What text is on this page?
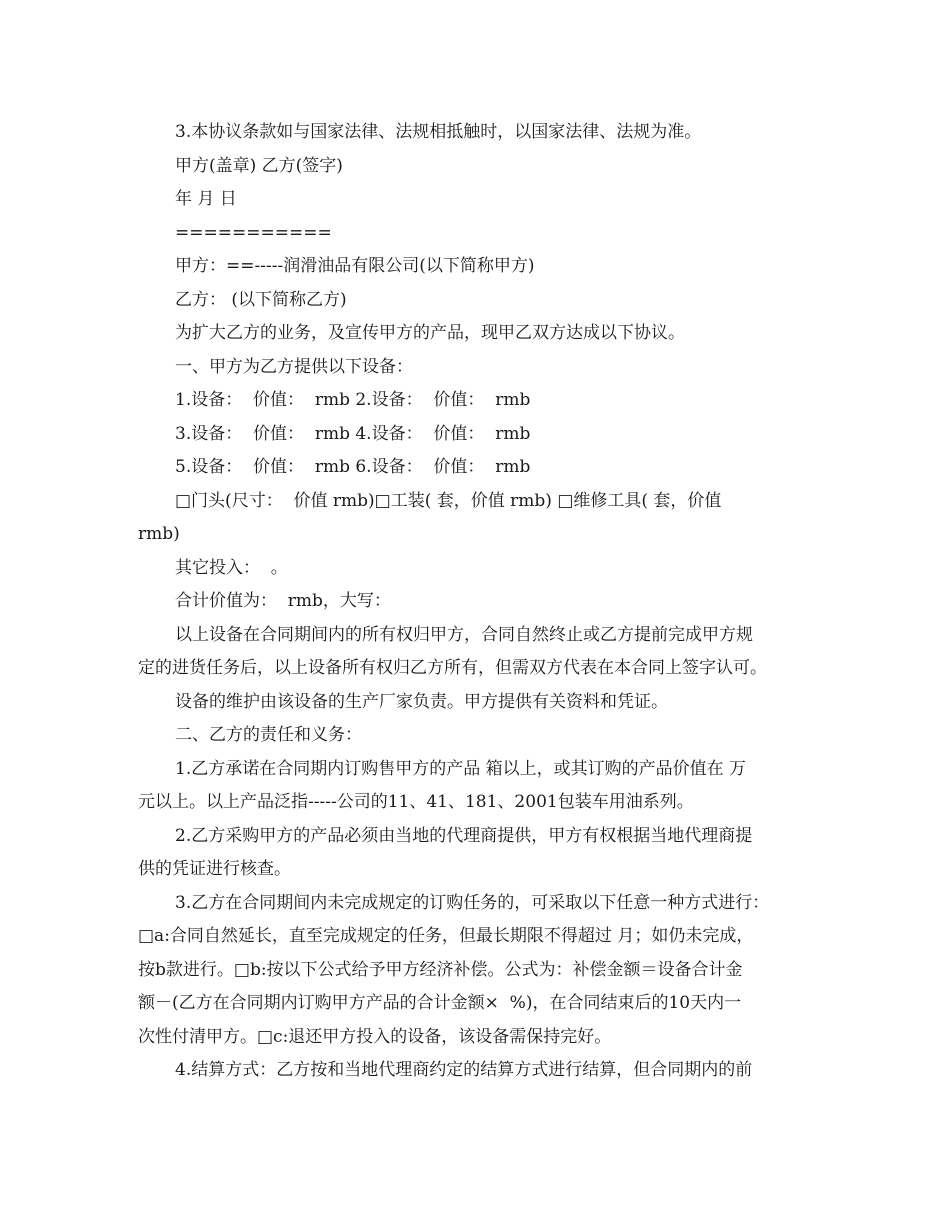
3.本协议条款如与国家法律、法规相抵触时，以国家法律、法规为准。

甲方(盖章) 乙方(签字)

年 月 日

===========

甲方：==-----润滑油品有限公司(以下简称甲方)

乙方： (以下简称乙方)

为扩大乙方的业务，及宣传甲方的产品，现甲乙双方达成以下协议。

一、甲方为乙方提供以下设备：

1.设备：  价值：  rmb 2.设备：  价值：  rmb

3.设备：  价值：  rmb 4.设备：  价值：  rmb

5.设备：  价值：  rmb 6.设备：  价值：  rmb

□门头(尺寸：  价值 rmb)□工装( 套，价值 rmb) □维修工具( 套，价值

rmb)

其它投入：  。

合计价值为：  rmb，大写：

以上设备在合同期间内的所有权归甲方，合同自然终止或乙方提前完成甲方规

定的进货任务后，以上设备所有权归乙方所有，但需双方代表在本合同上签字认可。

设备的维护由该设备的生产厂家负责。甲方提供有关资料和凭证。

二、乙方的责任和义务：

1.乙方承诺在合同期内订购售甲方的产品 箱以上，或其订购的产品价值在 万

元以上。以上产品泛指-----公司的11、41、181、2001包装车用油系列。

2.乙方采购甲方的产品必须由当地的代理商提供，甲方有权根据当地代理商提

供的凭证进行核查。

3.乙方在合同期间内未完成规定的订购任务的，可采取以下任意一种方式进行：

□a:合同自然延长，直至完成规定的任务，但最长期限不得超过 月；如仍未完成，

按b款进行。□b:按以下公式给予甲方经济补偿。公式为：补偿金额＝设备合计金

额－(乙方在合同期内订购甲方产品的合计金额×  %)，在合同结束后的10天内一

次性付清甲方。□c:退还甲方投入的设备，该设备需保持完好。

4.结算方式：乙方按和当地代理商约定的结算方式进行结算，但合同期内的前
